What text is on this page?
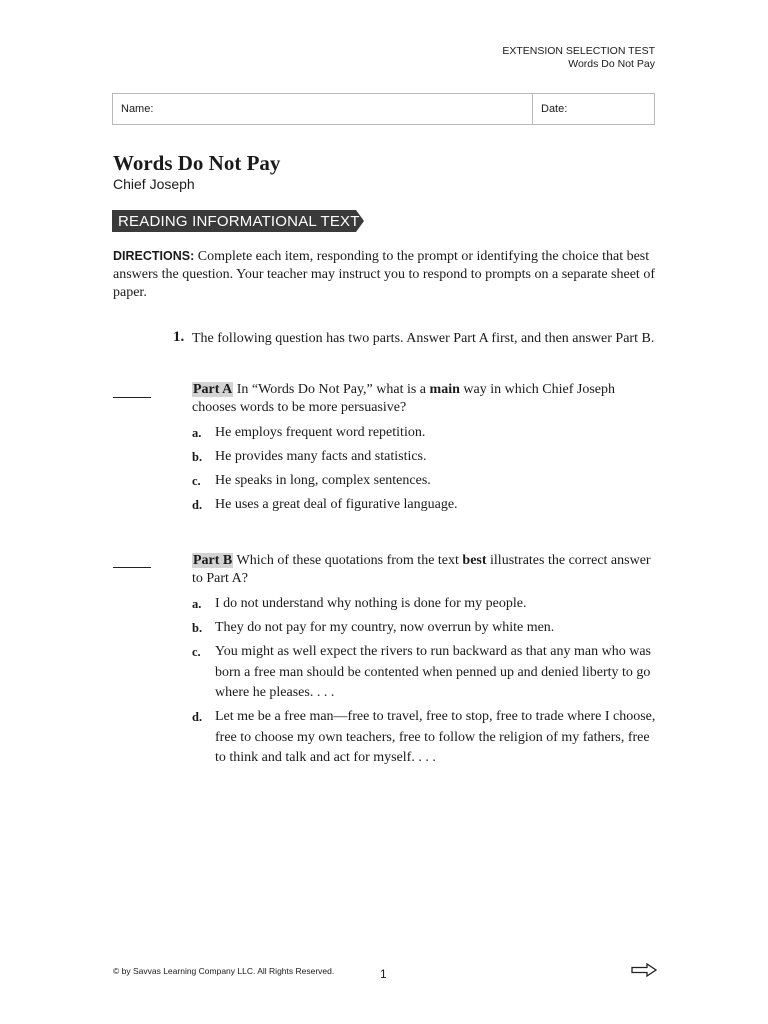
EXTENSION SELECTION TEST
Words Do Not Pay
Name:	Date:
Words Do Not Pay
Chief Joseph
READING INFORMATIONAL TEXT
DIRECTIONS: Complete each item, responding to the prompt or identifying the choice that best answers the question. Your teacher may instruct you to respond to prompts on a separate sheet of paper.
1. The following question has two parts. Answer Part A first, and then answer Part B.
Part A In “Words Do Not Pay,” what is a main way in which Chief Joseph chooses words to be more persuasive?
a. He employs frequent word repetition.
b. He provides many facts and statistics.
c.	He speaks in long, complex sentences.
d. He uses a great deal of figurative language.
Part B Which of these quotations from the text best illustrates the correct answer to Part A?
a. I do not understand why nothing is done for my people.
b. They do not pay for my country, now overrun by white men.
c.	You might as well expect the rivers to run backward as that any man who was born a free man should be contented when penned up and denied liberty to go where he pleases. . . .
d. Let me be a free man—free to travel, free to stop, free to trade where I choose, free to choose my own teachers, free to follow the religion of my fathers, free to think and talk and act for myself. . . .
© by Savvas Learning Company LLC. All Rights Reserved.	1
